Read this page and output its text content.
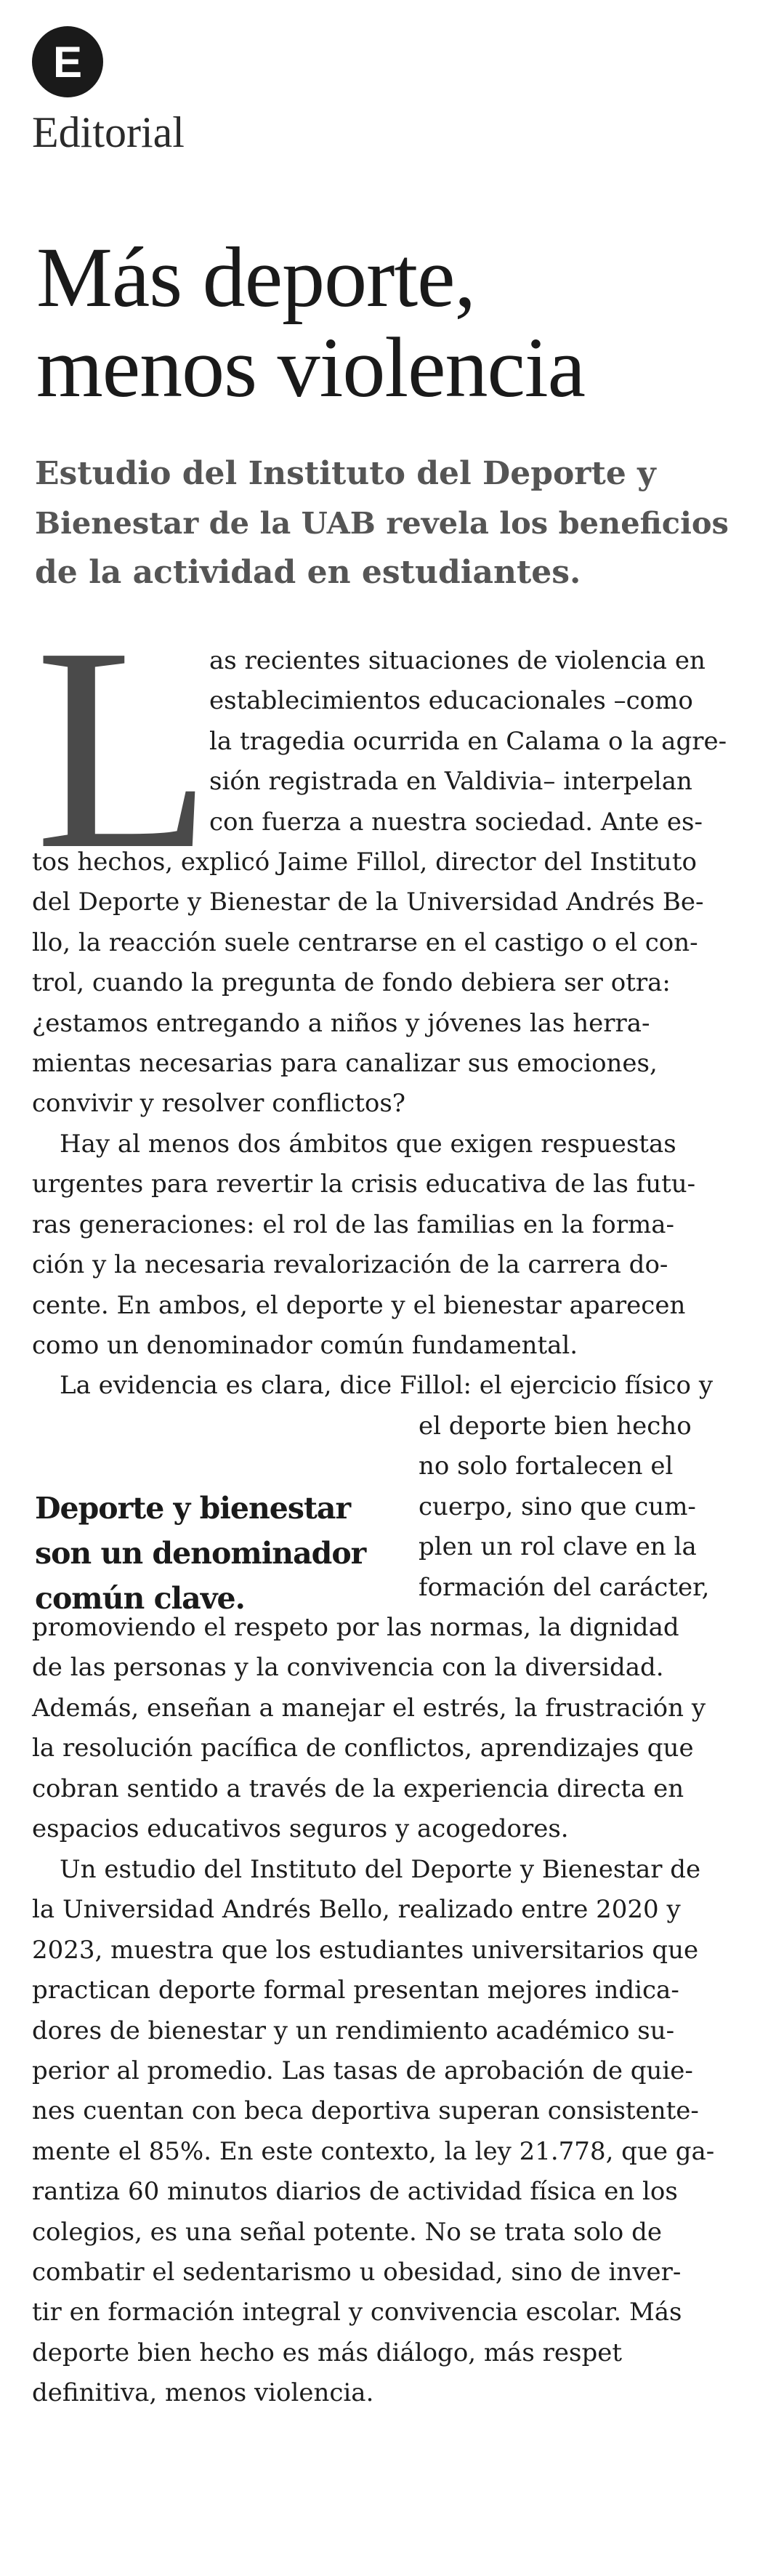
E
Editorial
Más deporte,
menos violencia
Estudio del Instituto del Deporte y
Bienestar de la UAB revela los beneficios
de la actividad en estudiantes.
L
as recientes situaciones de violencia en
establecimientos educacionales –como
la tragedia ocurrida en Calama o la agre-
sión registrada en Valdivia– interpelan
con fuerza a nuestra sociedad. Ante es-
tos hechos, explicó Jaime Fillol, director del Instituto
del Deporte y Bienestar de la Universidad Andrés Be-
llo, la reacción suele centrarse en el castigo o el con-
trol, cuando la pregunta de fondo debiera ser otra:
¿estamos entregando a niños y jóvenes las herra-
mientas necesarias para canalizar sus emociones,
convivir y resolver conflictos?
Hay al menos dos ámbitos que exigen respuestas
urgentes para revertir la crisis educativa de las futu-
ras generaciones: el rol de las familias en la forma-
ción y la necesaria revalorización de la carrera do-
cente. En ambos, el deporte y el bienestar aparecen
como un denominador común fundamental.
La evidencia es clara, dice Fillol: el ejercicio físico y
Deporte y bienestar
son un denominador
común clave.
el deporte bien hecho
no solo fortalecen el
cuerpo, sino que cum-
plen un rol clave en la
formación del carácter,
promoviendo el respeto por las normas, la dignidad
de las personas y la convivencia con la diversidad.
Además, enseñan a manejar el estrés, la frustración y
la resolución pacífica de conflictos, aprendizajes que
cobran sentido a través de la experiencia directa en
espacios educativos seguros y acogedores.
Un estudio del Instituto del Deporte y Bienestar de
la Universidad Andrés Bello, realizado entre 2020 y
2023, muestra que los estudiantes universitarios que
practican deporte formal presentan mejores indica-
dores de bienestar y un rendimiento académico su-
perior al promedio. Las tasas de aprobación de quie-
nes cuentan con beca deportiva superan consistente-
mente el 85%. En este contexto, la ley 21.778, que ga-
rantiza 60 minutos diarios de actividad física en los
colegios, es una señal potente. No se trata solo de
combatir el sedentarismo u obesidad, sino de inver-
tir en formación integral y convivencia escolar. Más
deporte bien hecho es más diálogo, más respet
definitiva, menos violencia.
